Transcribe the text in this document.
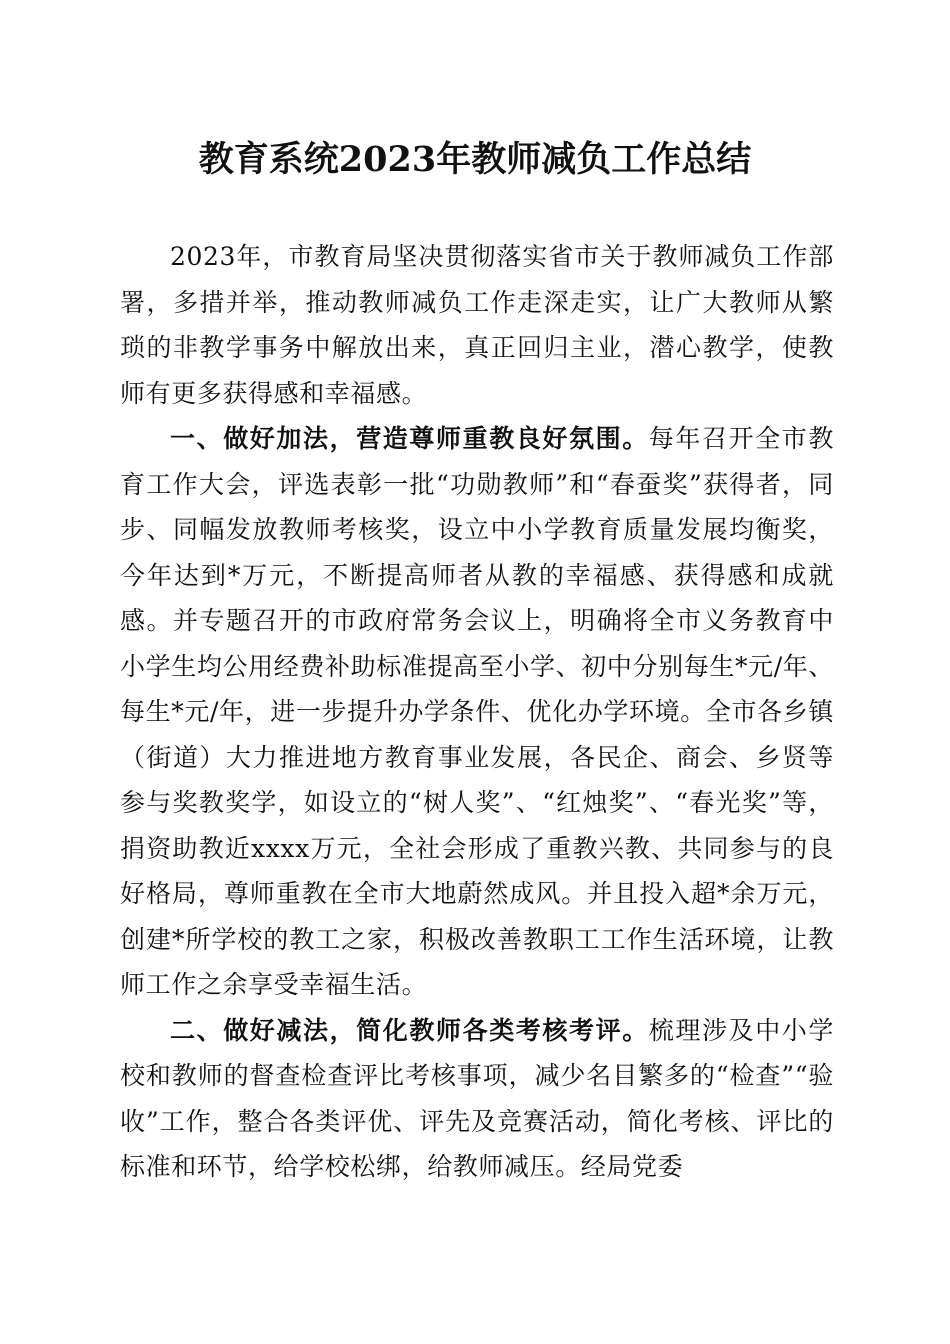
教育系统2023年教师减负工作总结

2023年，市教育局坚决贯彻落实省市关于教师减负工作部署，多措并举，推动教师减负工作走深走实，让广大教师从繁琐的非教学事务中解放出来，真正回归主业，潜心教学，使教师有更多获得感和幸福感。

一、做好加法，营造尊师重教良好氛围。每年召开全市教育工作大会，评选表彰一批“功勋教师”和“春蚕奖”获得者，同步、同幅发放教师考核奖，设立中小学教育质量发展均衡奖，今年达到*万元，不断提高师者从教的幸福感、获得感和成就感。并专题召开的市政府常务会议上，明确将全市义务教育中小学生均公用经费补助标准提高至小学、初中分别每生*元/年、每生*元/年，进一步提升办学条件、优化办学环境。全市各乡镇（街道）大力推进地方教育事业发展，各民企、商会、乡贤等参与奖教奖学，如设立的“树人奖”、“红烛奖”、“春光奖”等，捐资助教近xxxx万元，全社会形成了重教兴教、共同参与的良好格局，尊师重教在全市大地蔚然成风。并且投入超*余万元，创建*所学校的教工之家，积极改善教职工工作生活环境，让教师工作之余享受幸福生活。

二、做好减法，简化教师各类考核考评。梳理涉及中小学校和教师的督查检查评比考核事项，减少名目繁多的“检查”“验收”工作，整合各类评优、评先及竞赛活动，简化考核、评比的标准和环节，给学校松绑，给教师减压。经局党委
